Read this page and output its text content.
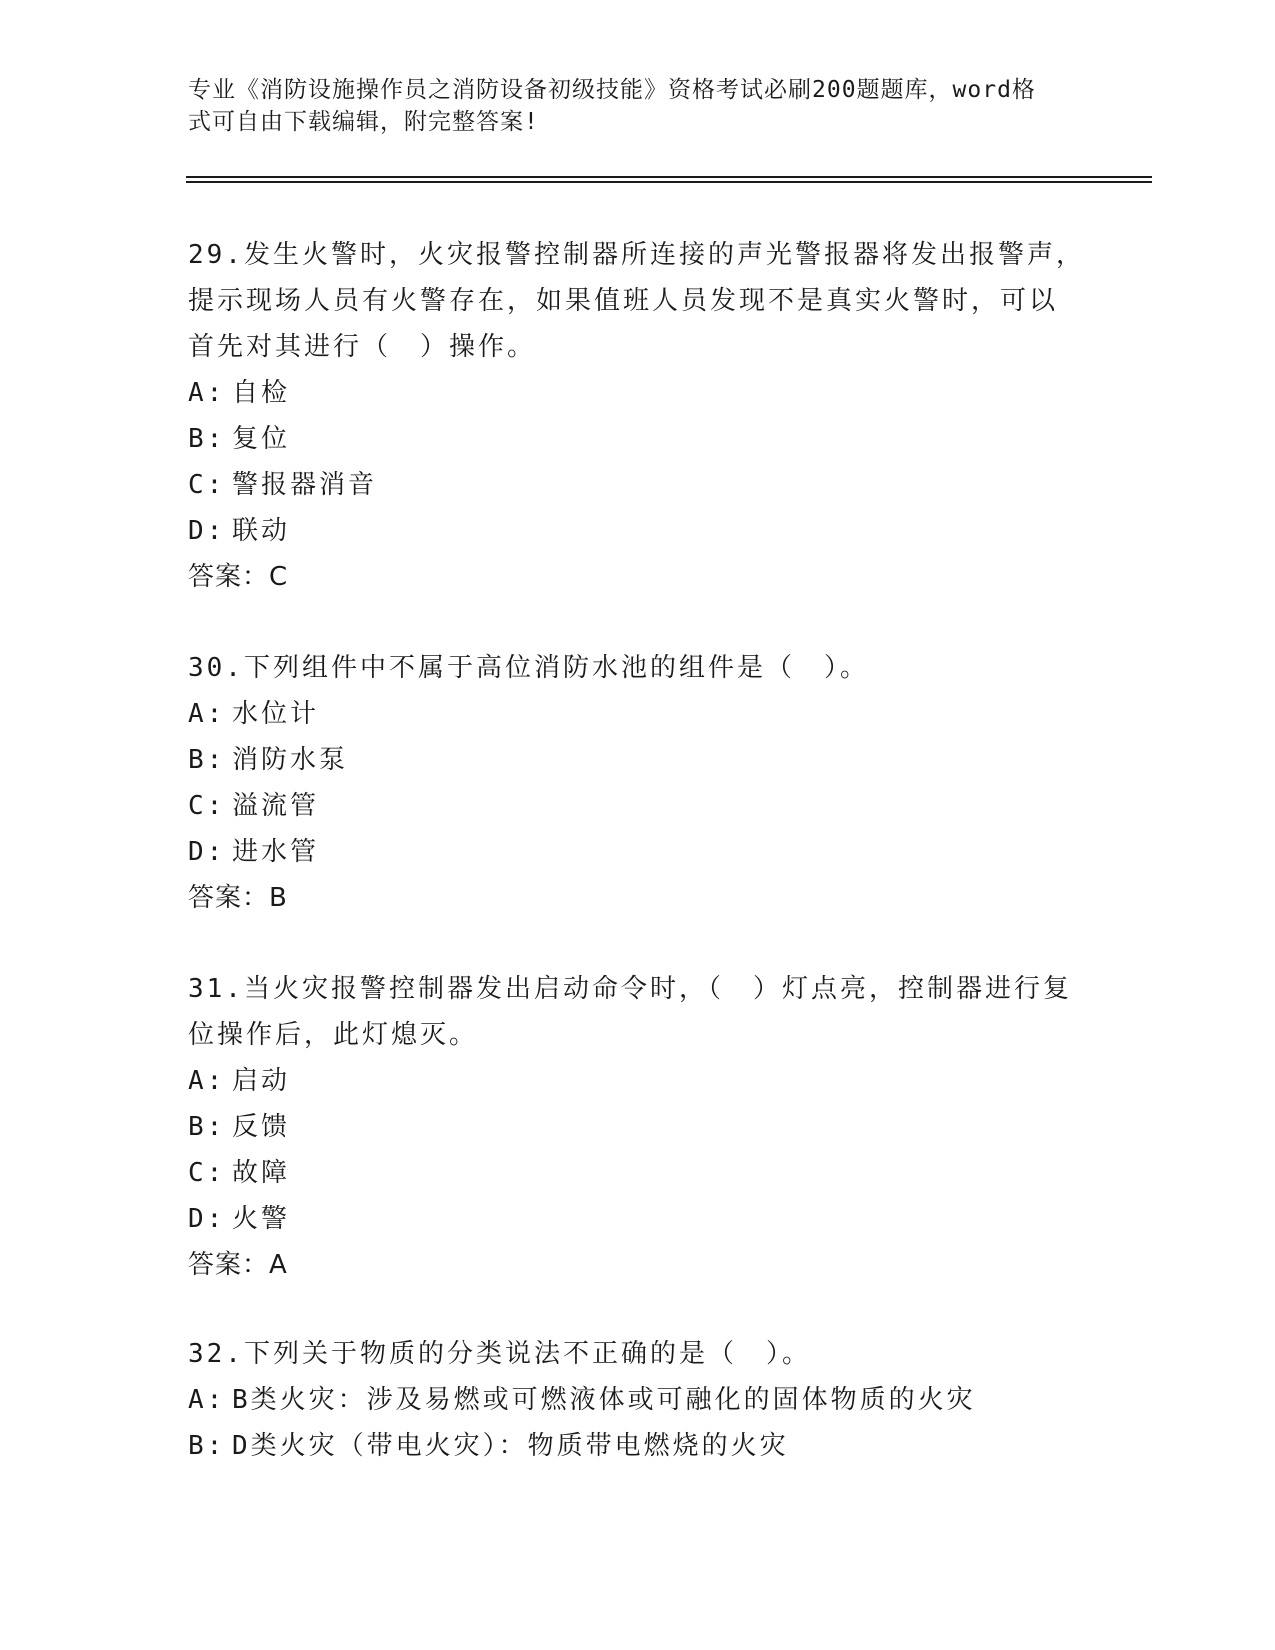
专业《消防设施操作员之消防设备初级技能》资格考试必刷200题题库，word格
式可自由下载编辑，附完整答案!

29.发生火警时，火灾报警控制器所连接的声光警报器将发出报警声，

提示现场人员有火警存在，如果值班人员发现不是真实火警时，可以

首先对其进行（　）操作。

A: 自检

B: 复位

C: 警报器消音

D: 联动

答案：C

30.下列组件中不属于高位消防水池的组件是（　）。

A: 水位计

B: 消防水泵

C: 溢流管

D: 进水管

答案：B

31.当火灾报警控制器发出启动命令时，（　）灯点亮，控制器进行复

位操作后，此灯熄灭。

A: 启动

B: 反馈

C: 故障

D: 火警

答案：A

32.下列关于物质的分类说法不正确的是（　）。

A: B类火灾：涉及易燃或可燃液体或可融化的固体物质的火灾

B: D类火灾（带电火灾）：物质带电燃烧的火灾
